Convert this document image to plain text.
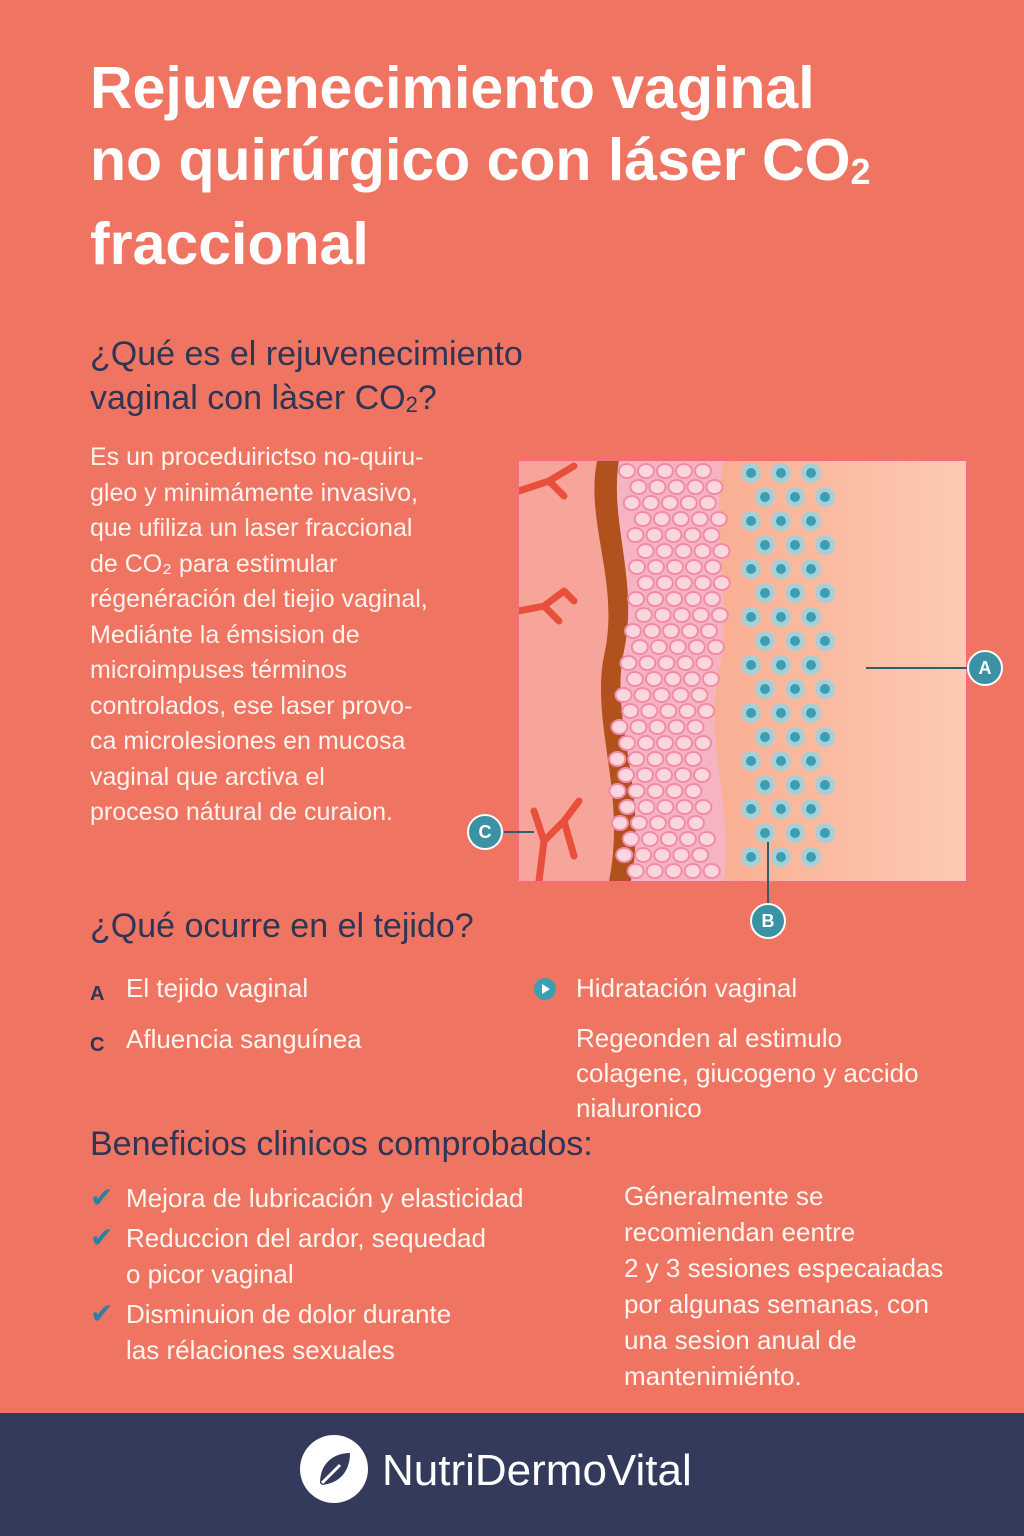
Rejuvenecimiento vaginal
no quirúrgico con láser $CO_2$
fraccional
¿Qué es el rejuvenecimiento
vaginal con làser $CO_2$?
Es un proceduirictso no-quiru-
gleo y minimámente invasivo,
que ufiliza un laser fraccional
de CO₂ para estimular
régenéración del tiejio vaginal,
Mediánte la émsision de
microimpuses términos
controlados, ese laser provo-
ca microlesiones en mucosa
vaginal que arctiva el
proceso nátural de curaion.
A
B
C
¿Qué ocurre en el tejido?
A El tejido vaginal
C Afluencia sanguínea
Hidratación vaginal
Regeonden al estimulo
colagene, giucogeno y accido
nialuronico
Beneficios clinicos comprobados:
✔ Mejora de lubricación y elasticidad
✔ Reduccion del ardor, sequedad
o picor vaginal
✔ Disminuion de dolor durante
las rélaciones sexuales
Géneralmente se
recomiendan eentre
2 y 3 sesiones especaiadas
por algunas semanas, con
una sesion anual de
mantenimiénto.
NutriDermoVital
